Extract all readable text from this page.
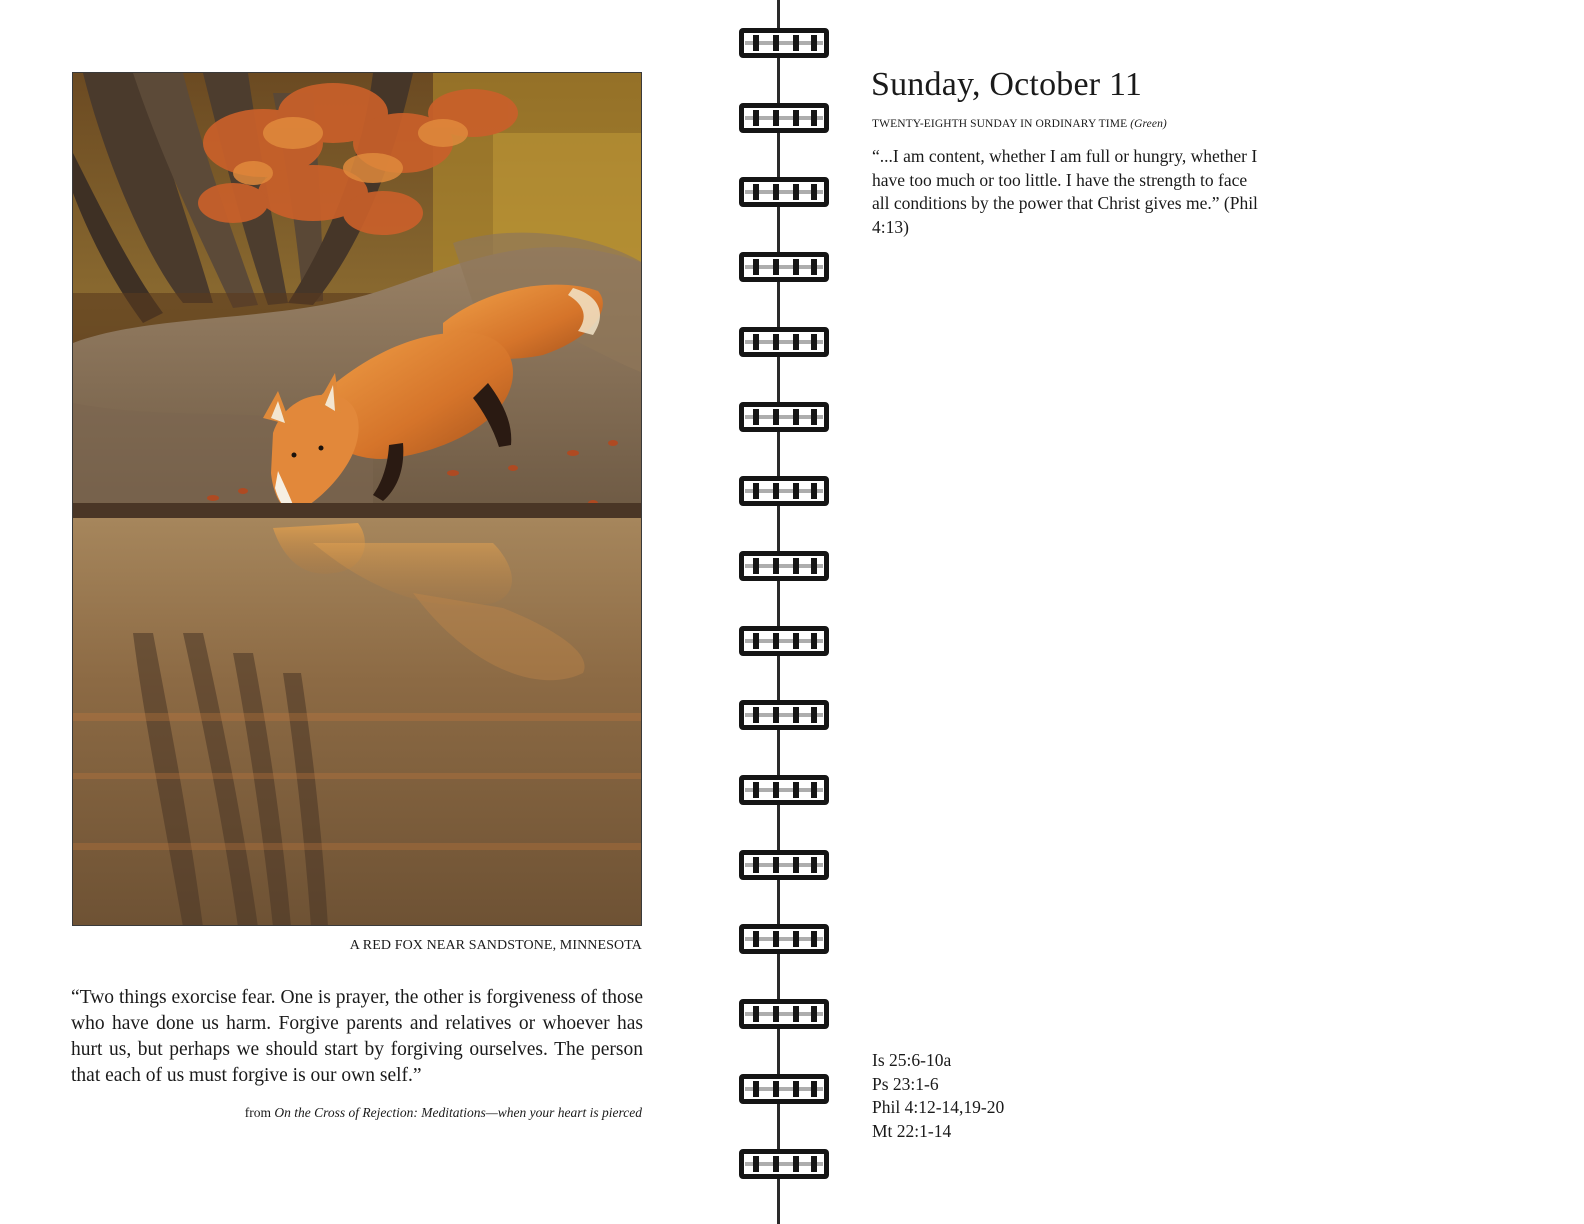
A RED FOX NEAR SANDSTONE, MINNESOTA
“Two things exorcise fear. One is prayer, the other is forgiveness of those who have done us harm. Forgive parents and relatives or whoever has hurt us, but perhaps we should start by forgiving ourselves. The person that each of us must forgive is our own self.”
from On the Cross of Rejection: Meditations—when your heart is pierced
Sunday, October 11
TWENTY-EIGHTH SUNDAY IN ORDINARY TIME (Green)
“...I am content, whether I am full or hungry, whether I have too much or too little. I have the strength to face all conditions by the power that Christ gives me.” (Phil 4:13)
Is 25:6-10a
Ps 23:1-6
Phil 4:12-14,19-20
Mt 22:1-14
